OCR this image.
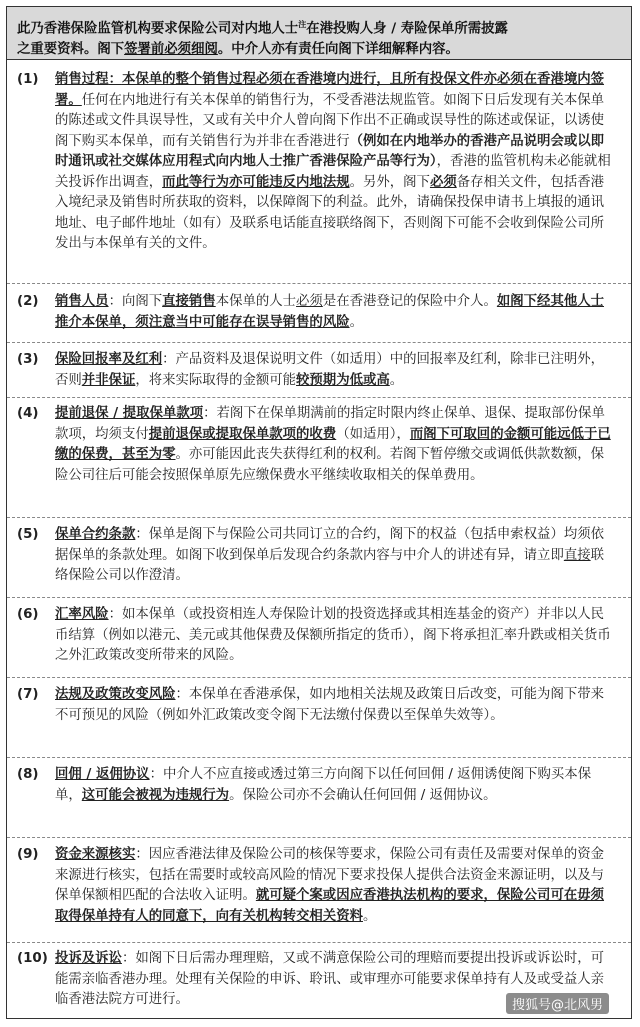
此乃香港保险监管机构要求保险公司对内地人士$^注$在港投购人身 / 寿险保单所需披露
之重要资料。阁下签署前必须细阅。中介人亦有责任向阁下详细解释内容。
(1)	销售过程：本保单的整个销售过程必须在香港境内进行，且所有投保文件亦必须在香港境内签署。任何在内地进行有关本保单的销售行为，不受香港法规监管。如阁下日后发现有关本保单的陈述或文件具误导性，又或有关中介人曾向阁下作出不正确或误导性的陈述或保证，以诱使阁下购买本保单，而有关销售行为并非在香港进行（例如在内地举办的香港产品说明会或以即时通讯或社交媒体应用程式向内地人士推广香港保险产品等行为），香港的监管机构未必能就相关投诉作出调查，而此等行为亦可能违反内地法规。另外，阁下必须备存相关文件，包括香港入境纪录及销售时所获取的资料，以保障阁下的利益。此外，请确保投保申请书上填报的通讯地址、电子邮件地址（如有）及联系电话能直接联络阁下，否则阁下可能不会收到保险公司所发出与本保单有关的文件。
(2)	销售人员：向阁下直接销售本保单的人士必须是在香港登记的保险中介人。如阁下经其他人士推介本保单，须注意当中可能存在误导销售的风险。
(3)	保险回报率及红利：产品资料及退保说明文件（如适用）中的回报率及红利，除非已注明外，否则并非保证，将来实际取得的金额可能较预期为低或高。
(4)	提前退保 / 提取保单款项：若阁下在保单期满前的指定时限内终止保单、退保、提取部份保单款项，均须支付提前退保或提取保单款项的收费（如适用），而阁下可取回的金额可能远低于已缴的保费，甚至为零。亦可能因此丧失获得红利的权利。若阁下暂停缴交或调低供款数额，保险公司往后可能会按照保单原先应缴保费水平继续收取相关的保单费用。
(5)	保单合约条款：保单是阁下与保险公司共同订立的合约，阁下的权益（包括申索权益）均须依据保单的条款处理。如阁下收到保单后发现合约条款内容与中介人的讲述有异，请立即直接联络保险公司以作澄清。
(6)	汇率风险：如本保单（或投资相连人寿保险计划的投资选择或其相连基金的资产）并非以人民币结算（例如以港元、美元或其他保费及保额所指定的货币），阁下将承担汇率升跌或相关货币之外汇政策改变所带来的风险。
(7)	法规及政策改变风险：本保单在香港承保，如内地相关法规及政策日后改变，可能为阁下带来不可预见的风险（例如外汇政策改变令阁下无法缴付保费以至保单失效等）。
(8)	回佣 / 返佣协议：中介人不应直接或透过第三方向阁下以任何回佣 / 返佣诱使阁下购买本保单，这可能会被视为违规行为。保险公司亦不会确认任何回佣 / 返佣协议。
(9)	资金来源核实：因应香港法律及保险公司的核保等要求，保险公司有责任及需要对保单的资金来源进行核实，包括在需要时或较高风险的情况下要求投保人提供合法资金来源证明，以及与保单保额相匹配的合法收入证明。就可疑个案或因应香港执法机构的要求，保险公司可在毋须取得保单持有人的同意下，向有关机构转交相关资料。
(10) 投诉及诉讼：如阁下日后需办理理赔，又或不满意保险公司的理赔而要提出投诉或诉讼时，可能需亲临香港办理。处理有关保险的申诉、聆讯、或审理亦可能要求保单持有人及或受益人亲临香港法院方可进行。	搜狐号@北风男
